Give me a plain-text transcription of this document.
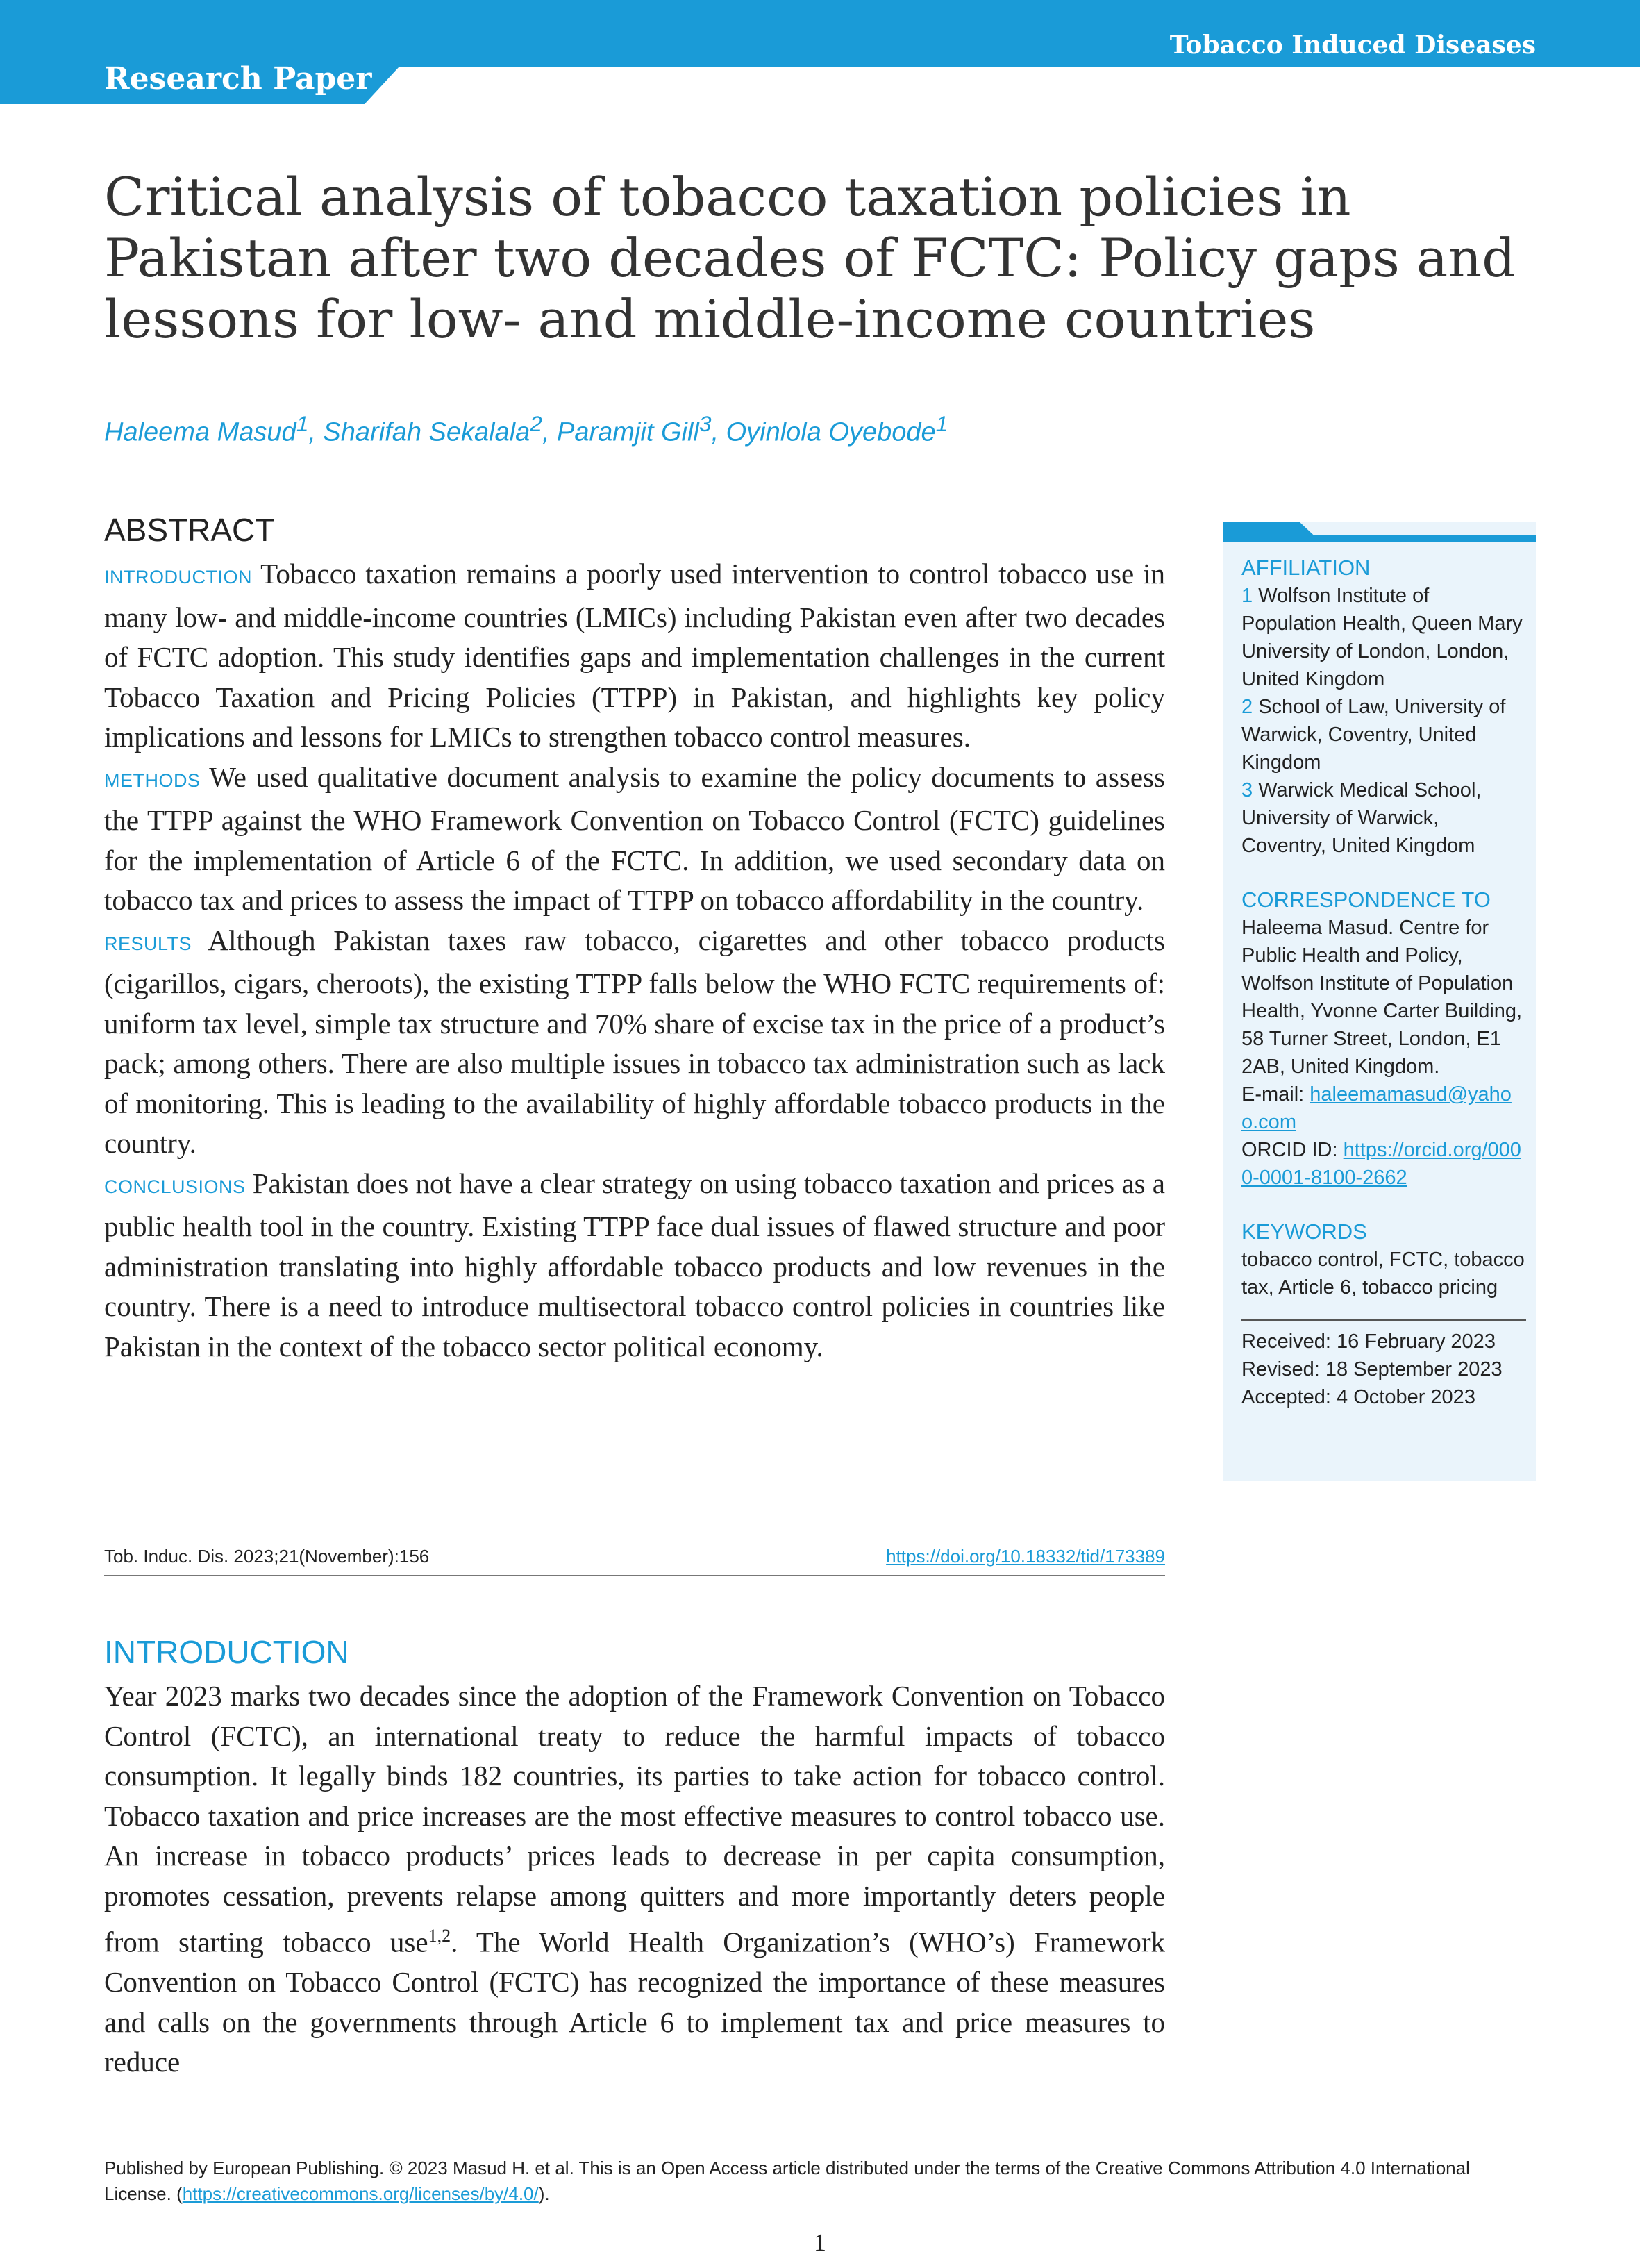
Tobacco Induced Diseases
Research Paper
Critical analysis of tobacco taxation policies in Pakistan after two decades of FCTC: Policy gaps and lessons for low- and middle-income countries
Haleema Masud$^1$, Sharifah Sekalala$^2$, Paramjit Gill$^3$, Oyinlola Oyebode$^1$
ABSTRACT

INTRODUCTION Tobacco taxation remains a poorly used intervention to control tobacco use in many low- and middle-income countries (LMICs) including Pakistan even after two decades of FCTC adoption. This study identifies gaps and implementation challenges in the current Tobacco Taxation and Pricing Policies (TTPP) in Pakistan, and highlights key policy implications and lessons for LMICs to strengthen tobacco control measures.

METHODS We used qualitative document analysis to examine the policy documents to assess the TTPP against the WHO Framework Convention on Tobacco Control (FCTC) guidelines for the implementation of Article 6 of the FCTC. In addition, we used secondary data on tobacco tax and prices to assess the impact of TTPP on tobacco affordability in the country.

RESULTS Although Pakistan taxes raw tobacco, cigarettes and other tobacco products (cigarillos, cigars, cheroots), the existing TTPP falls below the WHO FCTC requirements of: uniform tax level, simple tax structure and 70% share of excise tax in the price of a product’s pack; among others. There are also multiple issues in tobacco tax administration such as lack of monitoring. This is leading to the availability of highly affordable tobacco products in the country.

CONCLUSIONS Pakistan does not have a clear strategy on using tobacco taxation and prices as a public health tool in the country. Existing TTPP face dual issues of flawed structure and poor administration translating into highly affordable tobacco products and low revenues in the country. There is a need to introduce multisectoral tobacco control policies in countries like Pakistan in the context of the tobacco sector political economy.

AFFILIATION
1 Wolfson Institute of Population Health, Queen Mary University of London, London, United Kingdom
2 School of Law, University of Warwick, Coventry, United Kingdom
3 Warwick Medical School, University of Warwick, Coventry, United Kingdom
CORRESPONDENCE TO
Haleema Masud. Centre for Public Health and Policy, Wolfson Institute of Population Health, Yvonne Carter Building, 58 Turner Street, London, E1 2AB, United Kingdom.
E-mail: haleemamasud@yahoo.com
ORCID ID: https://orcid.org/0000-0001-8100-2662
KEYWORDS
tobacco control, FCTC, tobacco tax, Article 6, tobacco pricing
Received: 16 February 2023
Revised: 18 September 2023
Accepted: 4 October 2023
Tob. Induc. Dis. 2023;21(November):156	https://doi.org/10.18332/tid/173389
INTRODUCTION

Year 2023 marks two decades since the adoption of the Framework Convention on Tobacco Control (FCTC), an international treaty to reduce the harmful impacts of tobacco consumption. It legally binds 182 countries, its parties to take action for tobacco control. Tobacco taxation and price increases are the most effective measures to control tobacco use. An increase in tobacco products’ prices leads to decrease in per capita consumption, promotes cessation, prevents relapse among quitters and more importantly deters people from starting tobacco use$^{1,2}$. The World Health Organization’s (WHO’s) Framework Convention on Tobacco Control (FCTC) has recognized the importance of these measures and calls on the governments through Article 6 to implement tax and price measures to reduce

Published by European Publishing. © 2023 Masud H. et al. This is an Open Access article distributed under the terms of the Creative Commons Attribution 4.0 International License. (https://creativecommons.org/licenses/by/4.0/).
1
